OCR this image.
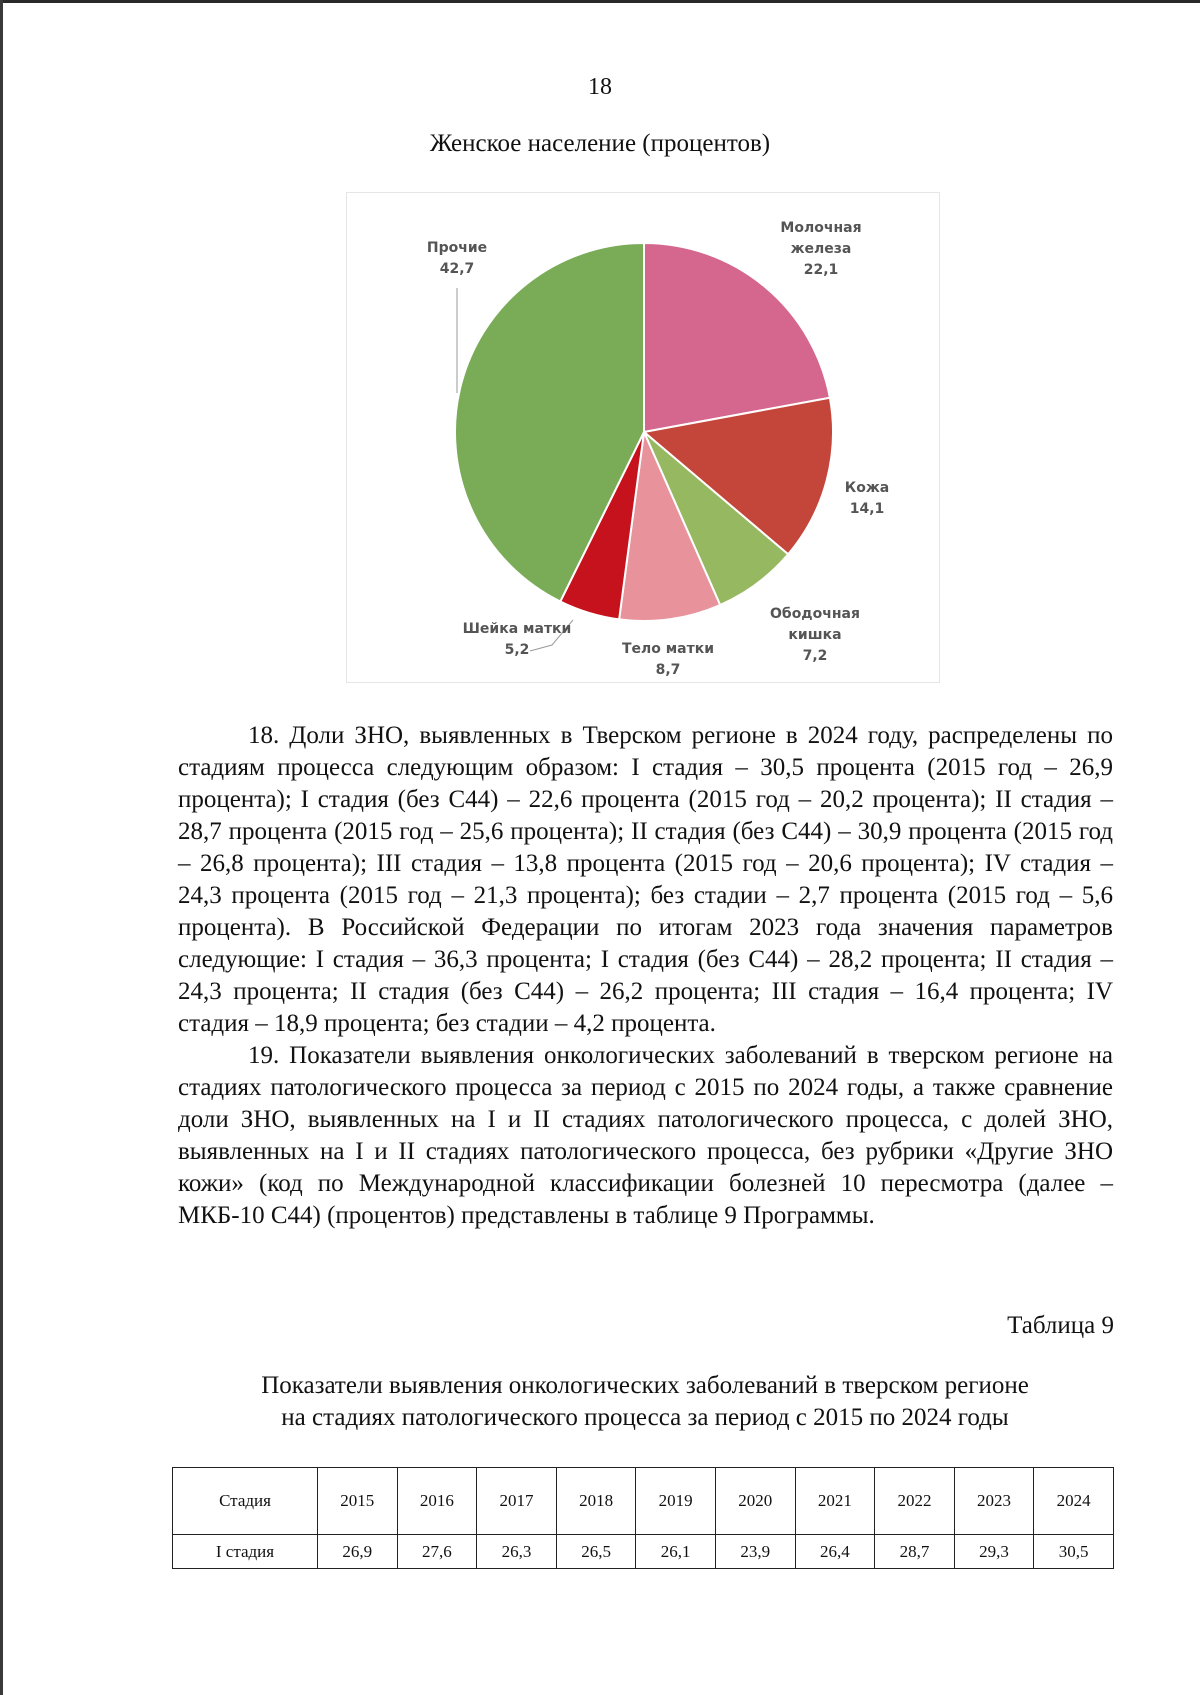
18
Женское население (процентов)
Молочная железа 22,1
Кожа 14,1
Ободочная кишка 7,2
Тело матки 8,7
Шейка матки 5,2
Прочие 42,7

18. Доли ЗНО, выявленных в Тверском регионе в 2024 году, распределены по стадиям процесса следующим образом: I стадия – 30,5 процента (2015 год – 26,9 процента); I стадия (без С44) – 22,6 процента (2015 год – 20,2 процента); II стадия – 28,7 процента (2015 год – 25,6 процента); II стадия (без С44) – 30,9 процента (2015 год – 26,8 процента); III стадия – 13,8 процента (2015 год – 20,6 процента); IV стадия – 24,3 процента (2015 год – 21,3 процента); без стадии – 2,7 процента (2015 год – 5,6 процента). В Российской Федерации по итогам 2023 года значения параметров следующие: I стадия – 36,3 процента; I стадия (без С44) – 28,2 процента; II стадия – 24,3 процента; II стадия (без С44) – 26,2 процента; III стадия – 16,4 процента; IV стадия – 18,9 процента; без стадии – 4,2 процента.

19. Показатели выявления онкологических заболеваний в тверском регионе на стадиях патологического процесса за период с 2015 по 2024 годы, а также сравнение доли ЗНО, выявленных на I и II стадиях патологического процесса, с долей ЗНО, выявленных на I и II стадиях патологического процесса, без рубрики «Другие ЗНО кожи» (код по Международной классификации болезней 10 пересмотра (далее – МКБ-10 С44) (процентов) представлены в таблице 9 Программы.

Таблица 9
Показатели выявления онкологических заболеваний в тверском регионе
на стадиях патологического процесса за период с 2015 по 2024 годы
Стадия	2015	2016	2017	2018	2019	2020	2021	2022	2023	2024
I стадия	26,9	27,6	26,3	26,5	26,1	23,9	26,4	28,7	29,3	30,5
